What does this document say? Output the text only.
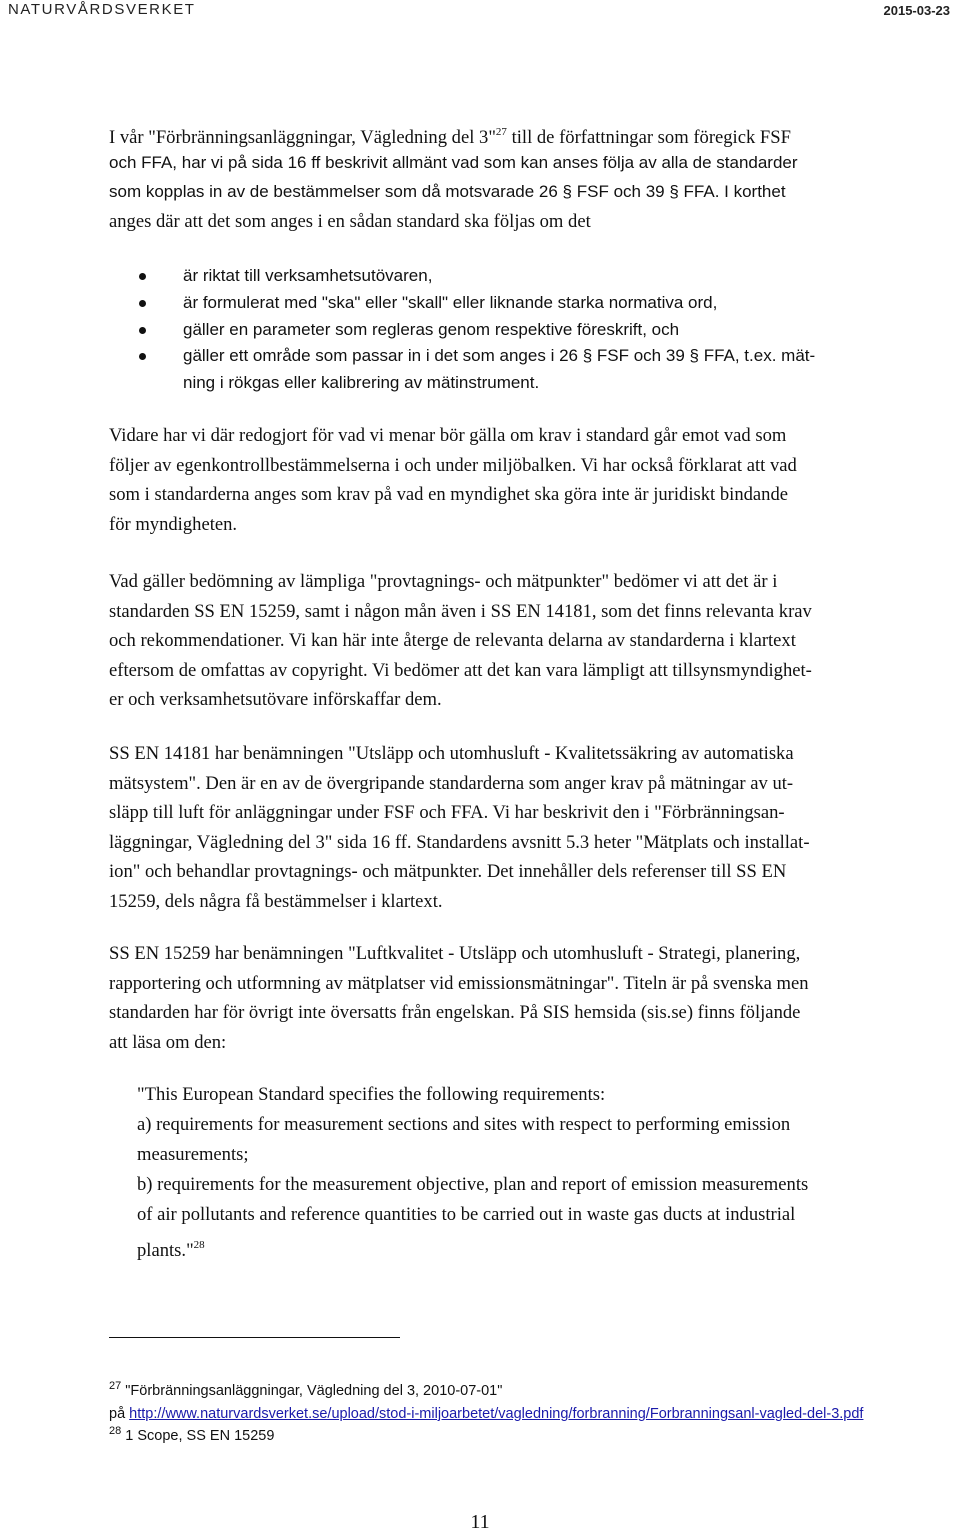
NATURVÅRDSVERKET	2015-03-23
I vår "Förbränningsanläggningar, Vägledning del 3"$^{27}$ till de författningar som föregick FSF
och FFA, har vi på sida 16 ff beskrivit allmänt vad som kan anses följa av alla de standarder
som kopplas in av de bestämmelser som då motsvarade 26 § FSF och 39 § FFA. I korthet
anges där att det som anges i en sådan standard ska följas om det
är riktat till verksamhetsutövaren,
är formulerat med "ska" eller "skall" eller liknande starka normativa ord,
gäller en parameter som regleras genom respektive föreskrift, och
gäller ett område som passar in i det som anges i 26 § FSF och 39 § FFA, t.ex. mät-
ning i rökgas eller kalibrering av mätinstrument.
Vidare har vi där redogjort för vad vi menar bör gälla om krav i standard går emot vad som
följer av egenkontrollbestämmelserna i och under miljöbalken. Vi har också förklarat att vad
som i standarderna anges som krav på vad en myndighet ska göra inte är juridiskt bindande
för myndigheten.
Vad gäller bedömning av lämpliga "provtagnings- och mätpunkter" bedömer vi att det är i
standarden SS EN 15259, samt i någon mån även i SS EN 14181, som det finns relevanta krav
och rekommendationer. Vi kan här inte återge de relevanta delarna av standarderna i klartext
eftersom de omfattas av copyright. Vi bedömer att det kan vara lämpligt att tillsynsmyndighet-
er och verksamhetsutövare införskaffar dem.
SS EN 14181 har benämningen "Utsläpp och utomhusluft - Kvalitetssäkring av automatiska
mätsystem". Den är en av de övergripande standarderna som anger krav på mätningar av ut-
släpp till luft för anläggningar under FSF och FFA. Vi har beskrivit den i "Förbränningsan-
läggningar, Vägledning del 3" sida 16 ff. Standardens avsnitt 5.3 heter "Mätplats och installat-
ion" och behandlar provtagnings- och mätpunkter. Det innehåller dels referenser till SS EN
15259, dels några få bestämmelser i klartext.
SS EN 15259 har benämningen "Luftkvalitet - Utsläpp och utomhusluft - Strategi, planering,
rapportering och utformning av mätplatser vid emissionsmätningar". Titeln är på svenska men
standarden har för övrigt inte översatts från engelskan. På SIS hemsida (sis.se) finns följande
att läsa om den:
"This European Standard specifies the following requirements:
a) requirements for measurement sections and sites with respect to performing emission
measurements;
b) requirements for the measurement objective, plan and report of emission measurements
of air pollutants and reference quantities to be carried out in waste gas ducts at industrial
plants."$^{28}$
$^{27}$ "Förbränningsanläggningar, Vägledning del 3, 2010-07-01"
på http://www.naturvardsverket.se/upload/stod-i-miljoarbetet/vagledning/forbranning/Forbranningsanl-vagled-del-3.pdf
$^{28}$ 1 Scope, SS EN 15259
11
